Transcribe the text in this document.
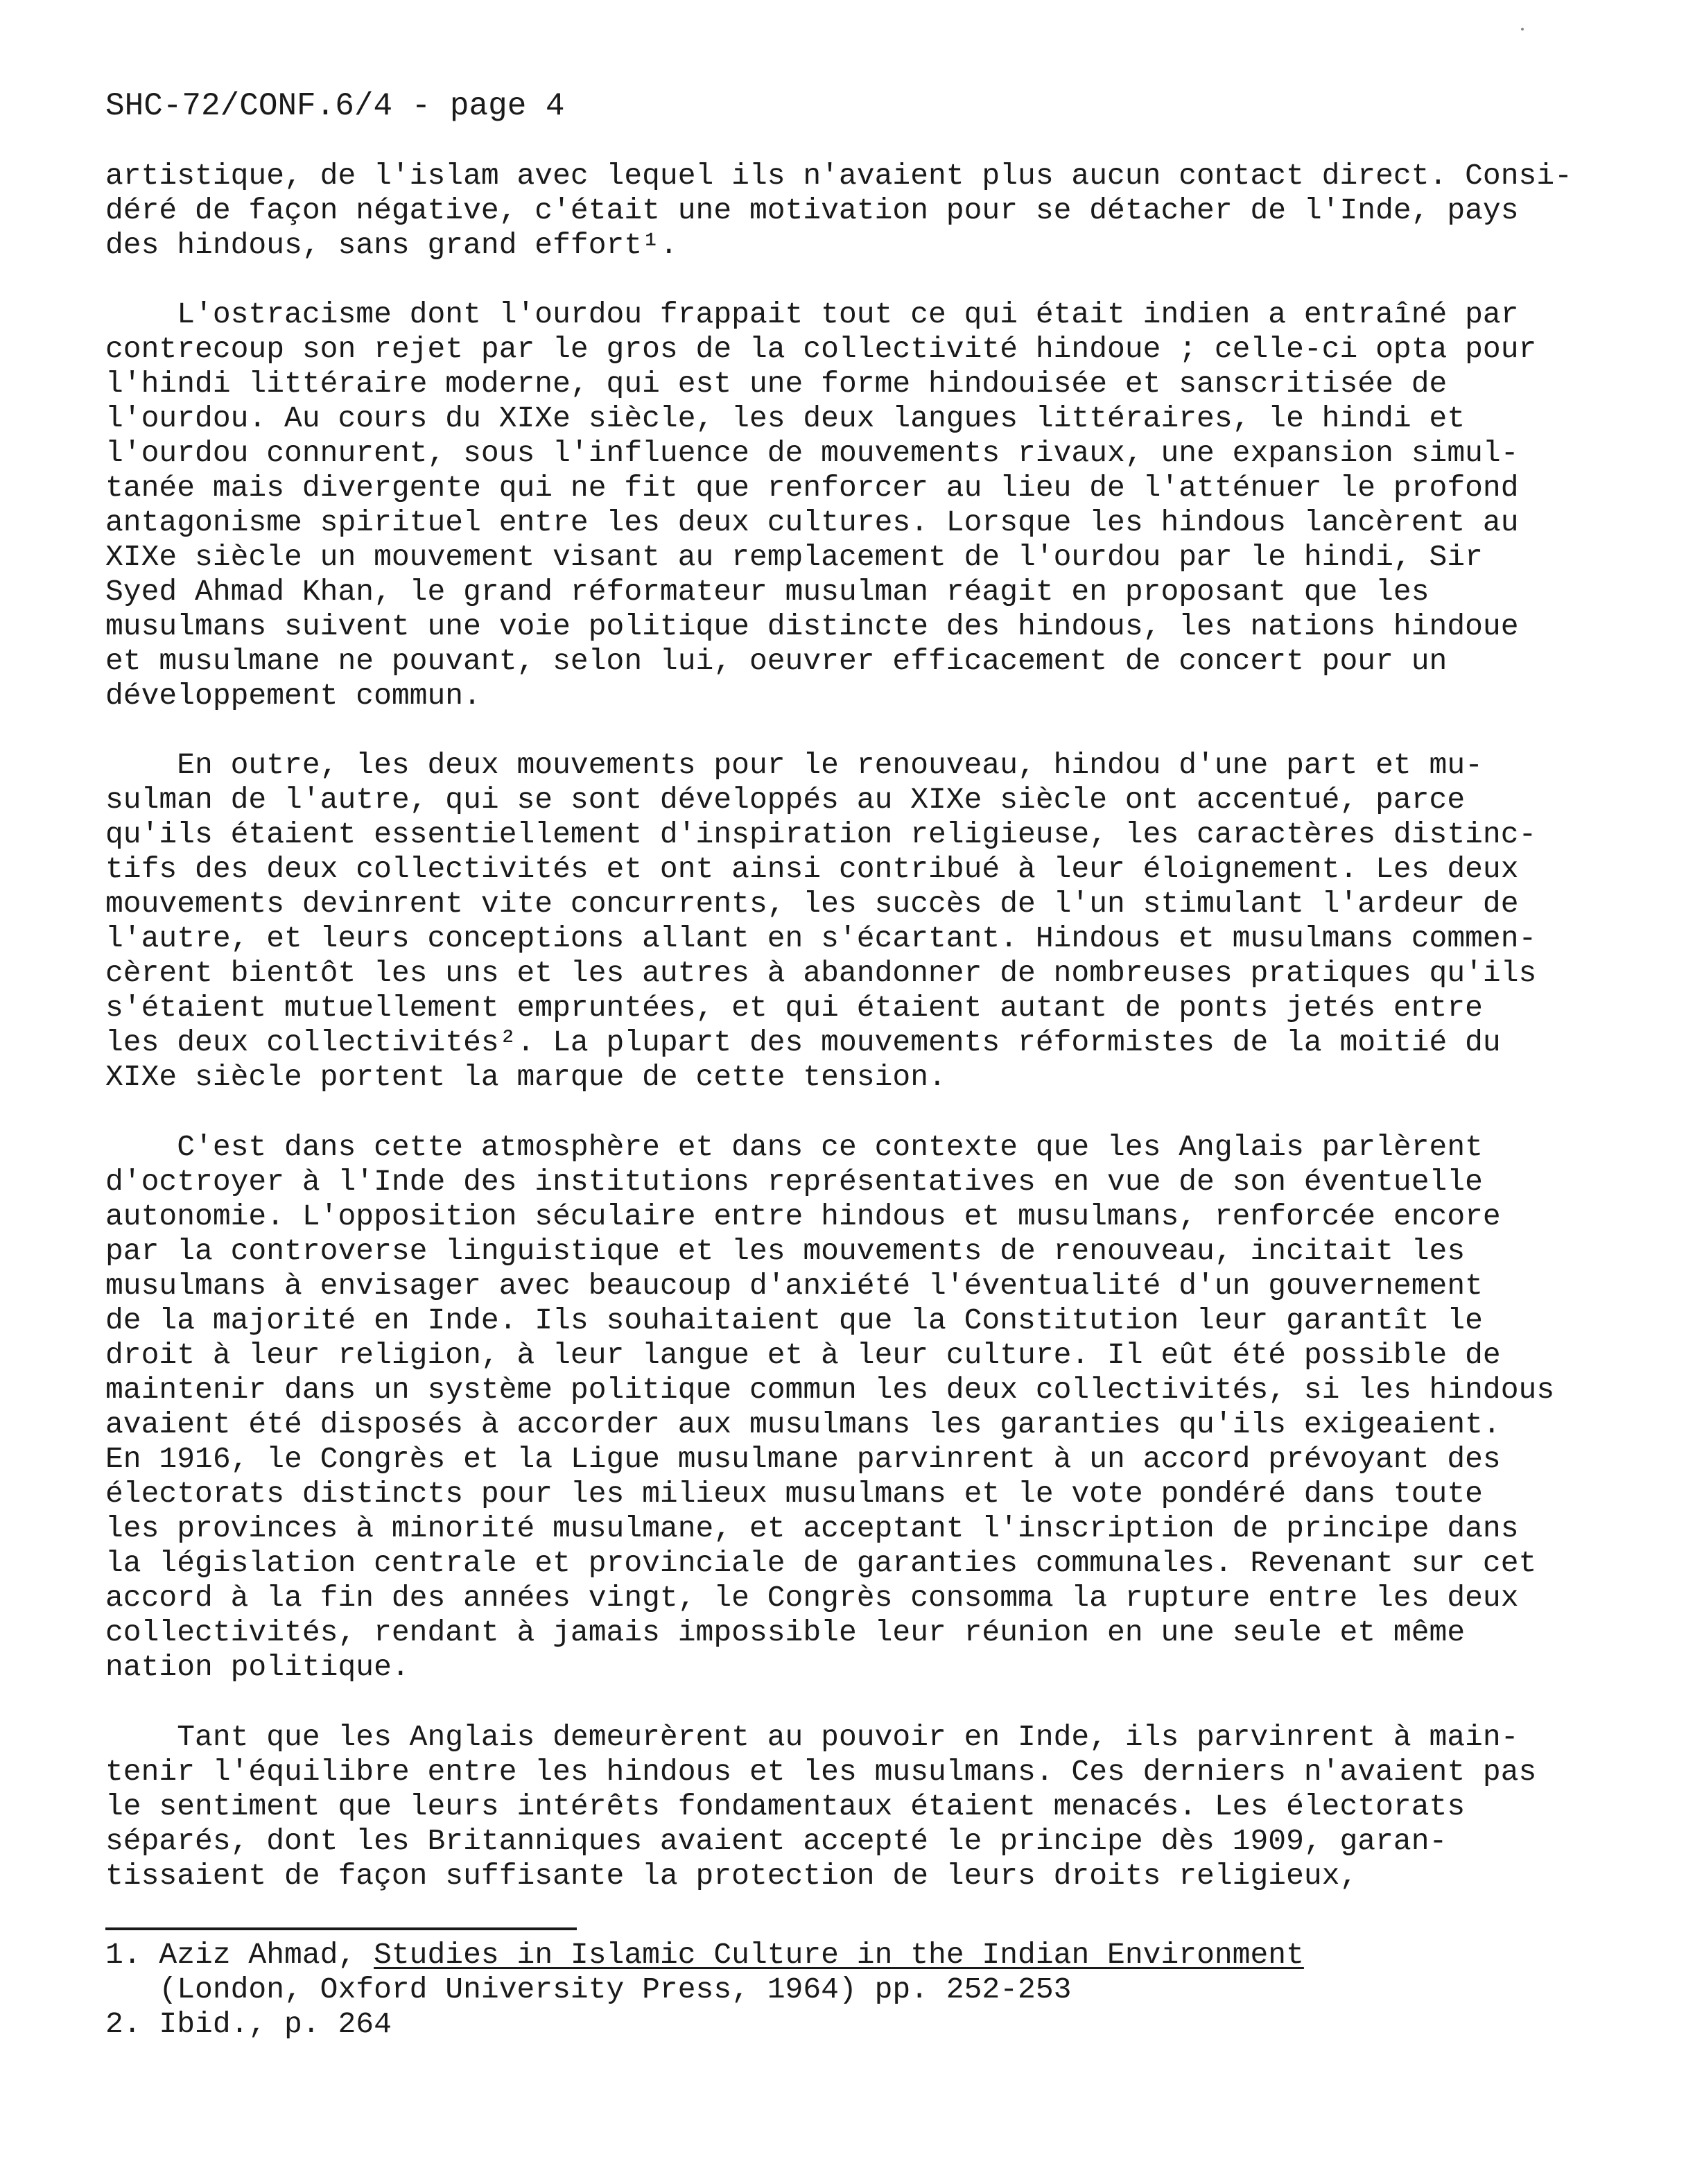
SHC-72/CONF.6/4 - page 4
artistique, de l'islam avec lequel ils n'avaient plus aucun contact direct. Consi-
déré de façon négative, c'était une motivation pour se détacher de l'Inde, pays
des hindous, sans grand effort¹.
L'ostracisme dont l'ourdou frappait tout ce qui était indien a entraîné par
contrecoup son rejet par le gros de la collectivité hindoue ; celle-ci opta pour
l'hindi littéraire moderne, qui est une forme hindouisée et sanscritisée de
l'ourdou. Au cours du XIXe siècle, les deux langues littéraires, le hindi et
l'ourdou connurent, sous l'influence de mouvements rivaux, une expansion simul-
tanée mais divergente qui ne fit que renforcer au lieu de l'atténuer le profond
antagonisme spirituel entre les deux cultures. Lorsque les hindous lancèrent au
XIXe siècle un mouvement visant au remplacement de l'ourdou par le hindi, Sir
Syed Ahmad Khan, le grand réformateur musulman réagit en proposant que les
musulmans suivent une voie politique distincte des hindous, les nations hindoue
et musulmane ne pouvant, selon lui, oeuvrer efficacement de concert pour un
développement commun.
En outre, les deux mouvements pour le renouveau, hindou d'une part et mu-
sulman de l'autre, qui se sont développés au XIXe siècle ont accentué, parce
qu'ils étaient essentiellement d'inspiration religieuse, les caractères distinc-
tifs des deux collectivités et ont ainsi contribué à leur éloignement. Les deux
mouvements devinrent vite concurrents, les succès de l'un stimulant l'ardeur de
l'autre, et leurs conceptions allant en s'écartant. Hindous et musulmans commen-
cèrent bientôt les uns et les autres à abandonner de nombreuses pratiques qu'ils
s'étaient mutuellement empruntées, et qui étaient autant de ponts jetés entre
les deux collectivités². La plupart des mouvements réformistes de la moitié du
XIXe siècle portent la marque de cette tension.
C'est dans cette atmosphère et dans ce contexte que les Anglais parlèrent
d'octroyer à l'Inde des institutions représentatives en vue de son éventuelle
autonomie. L'opposition séculaire entre hindous et musulmans, renforcée encore
par la controverse linguistique et les mouvements de renouveau, incitait les
musulmans à envisager avec beaucoup d'anxiété l'éventualité d'un gouvernement
de la majorité en Inde. Ils souhaitaient que la Constitution leur garantît le
droit à leur religion, à leur langue et à leur culture. Il eût été possible de
maintenir dans un système politique commun les deux collectivités, si les hindous
avaient été disposés à accorder aux musulmans les garanties qu'ils exigeaient.
En 1916, le Congrès et la Ligue musulmane parvinrent à un accord prévoyant des
électorats distincts pour les milieux musulmans et le vote pondéré dans toute
les provinces à minorité musulmane, et acceptant l'inscription de principe dans
la législation centrale et provinciale de garanties communales. Revenant sur cet
accord à la fin des années vingt, le Congrès consomma la rupture entre les deux
collectivités, rendant à jamais impossible leur réunion en une seule et même
nation politique.
Tant que les Anglais demeurèrent au pouvoir en Inde, ils parvinrent à main-
tenir l'équilibre entre les hindous et les musulmans. Ces derniers n'avaient pas
le sentiment que leurs intérêts fondamentaux étaient menacés. Les électorats
séparés, dont les Britanniques avaient accepté le principe dès 1909, garan-
tissaient de façon suffisante la protection de leurs droits religieux,
1. Aziz Ahmad, Studies in Islamic Culture in the Indian Environment
(London, Oxford University Press, 1964) pp. 252-253
2. Ibid., p. 264
